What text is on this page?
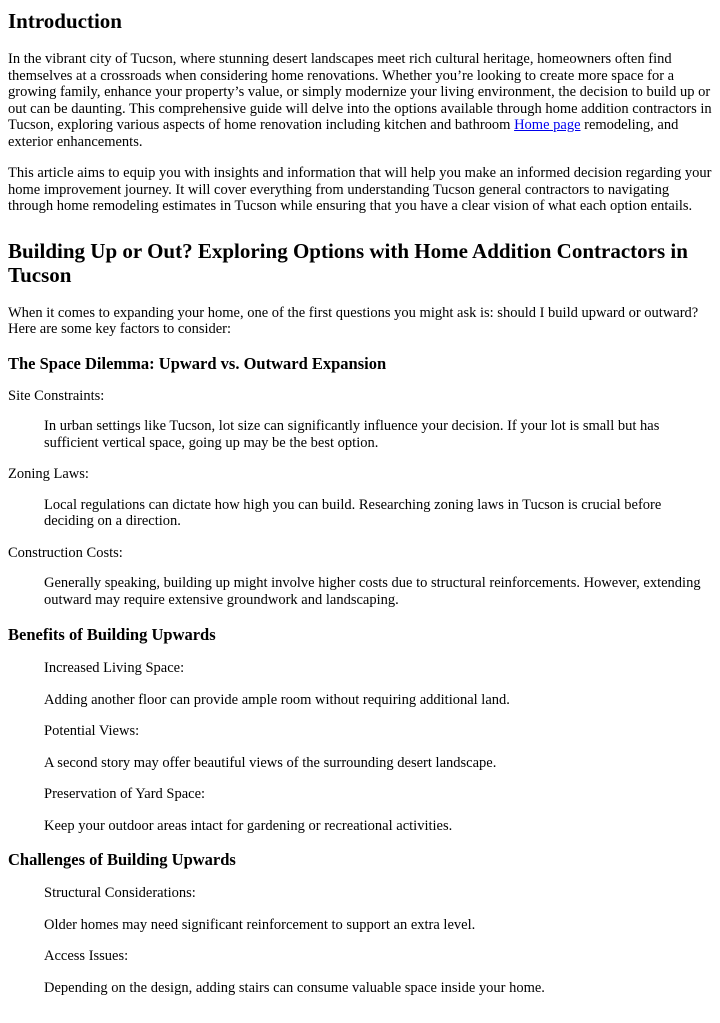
Introduction

In the vibrant city of Tucson, where stunning desert landscapes meet rich cultural heritage, homeowners often find themselves at a crossroads when considering home renovations. Whether you’re looking to create more space for a growing family, enhance your property’s value, or simply modernize your living environment, the decision to build up or out can be daunting. This comprehensive guide will delve into the options available through home addition contractors in Tucson, exploring various aspects of home renovation including kitchen and bathroom Home page remodeling, and exterior enhancements.

This article aims to equip you with insights and information that will help you make an informed decision regarding your home improvement journey. It will cover everything from understanding Tucson general contractors to navigating through home remodeling estimates in Tucson while ensuring that you have a clear vision of what each option entails.

Building Up or Out? Exploring Options with Home Addition Contractors in Tucson

When it comes to expanding your home, one of the first questions you might ask is: should I build upward or outward? Here are some key factors to consider:

The Space Dilemma: Upward vs. Outward Expansion
Site Constraints:
In urban settings like Tucson, lot size can significantly influence your decision. If your lot is small but has sufficient vertical space, going up may be the best option.
Zoning Laws:
Local regulations can dictate how high you can build. Researching zoning laws in Tucson is crucial before deciding on a direction.
Construction Costs:
Generally speaking, building up might involve higher costs due to structural reinforcements. However, extending outward may require extensive groundwork and landscaping.
Benefits of Building Upwards

Increased Living Space:

Adding another floor can provide ample room without requiring additional land.

Potential Views:

A second story may offer beautiful views of the surrounding desert landscape.

Preservation of Yard Space:

Keep your outdoor areas intact for gardening or recreational activities.

Challenges of Building Upwards

Structural Considerations:

Older homes may need significant reinforcement to support an extra level.

Access Issues:

Depending on the design, adding stairs can consume valuable space inside your home.
